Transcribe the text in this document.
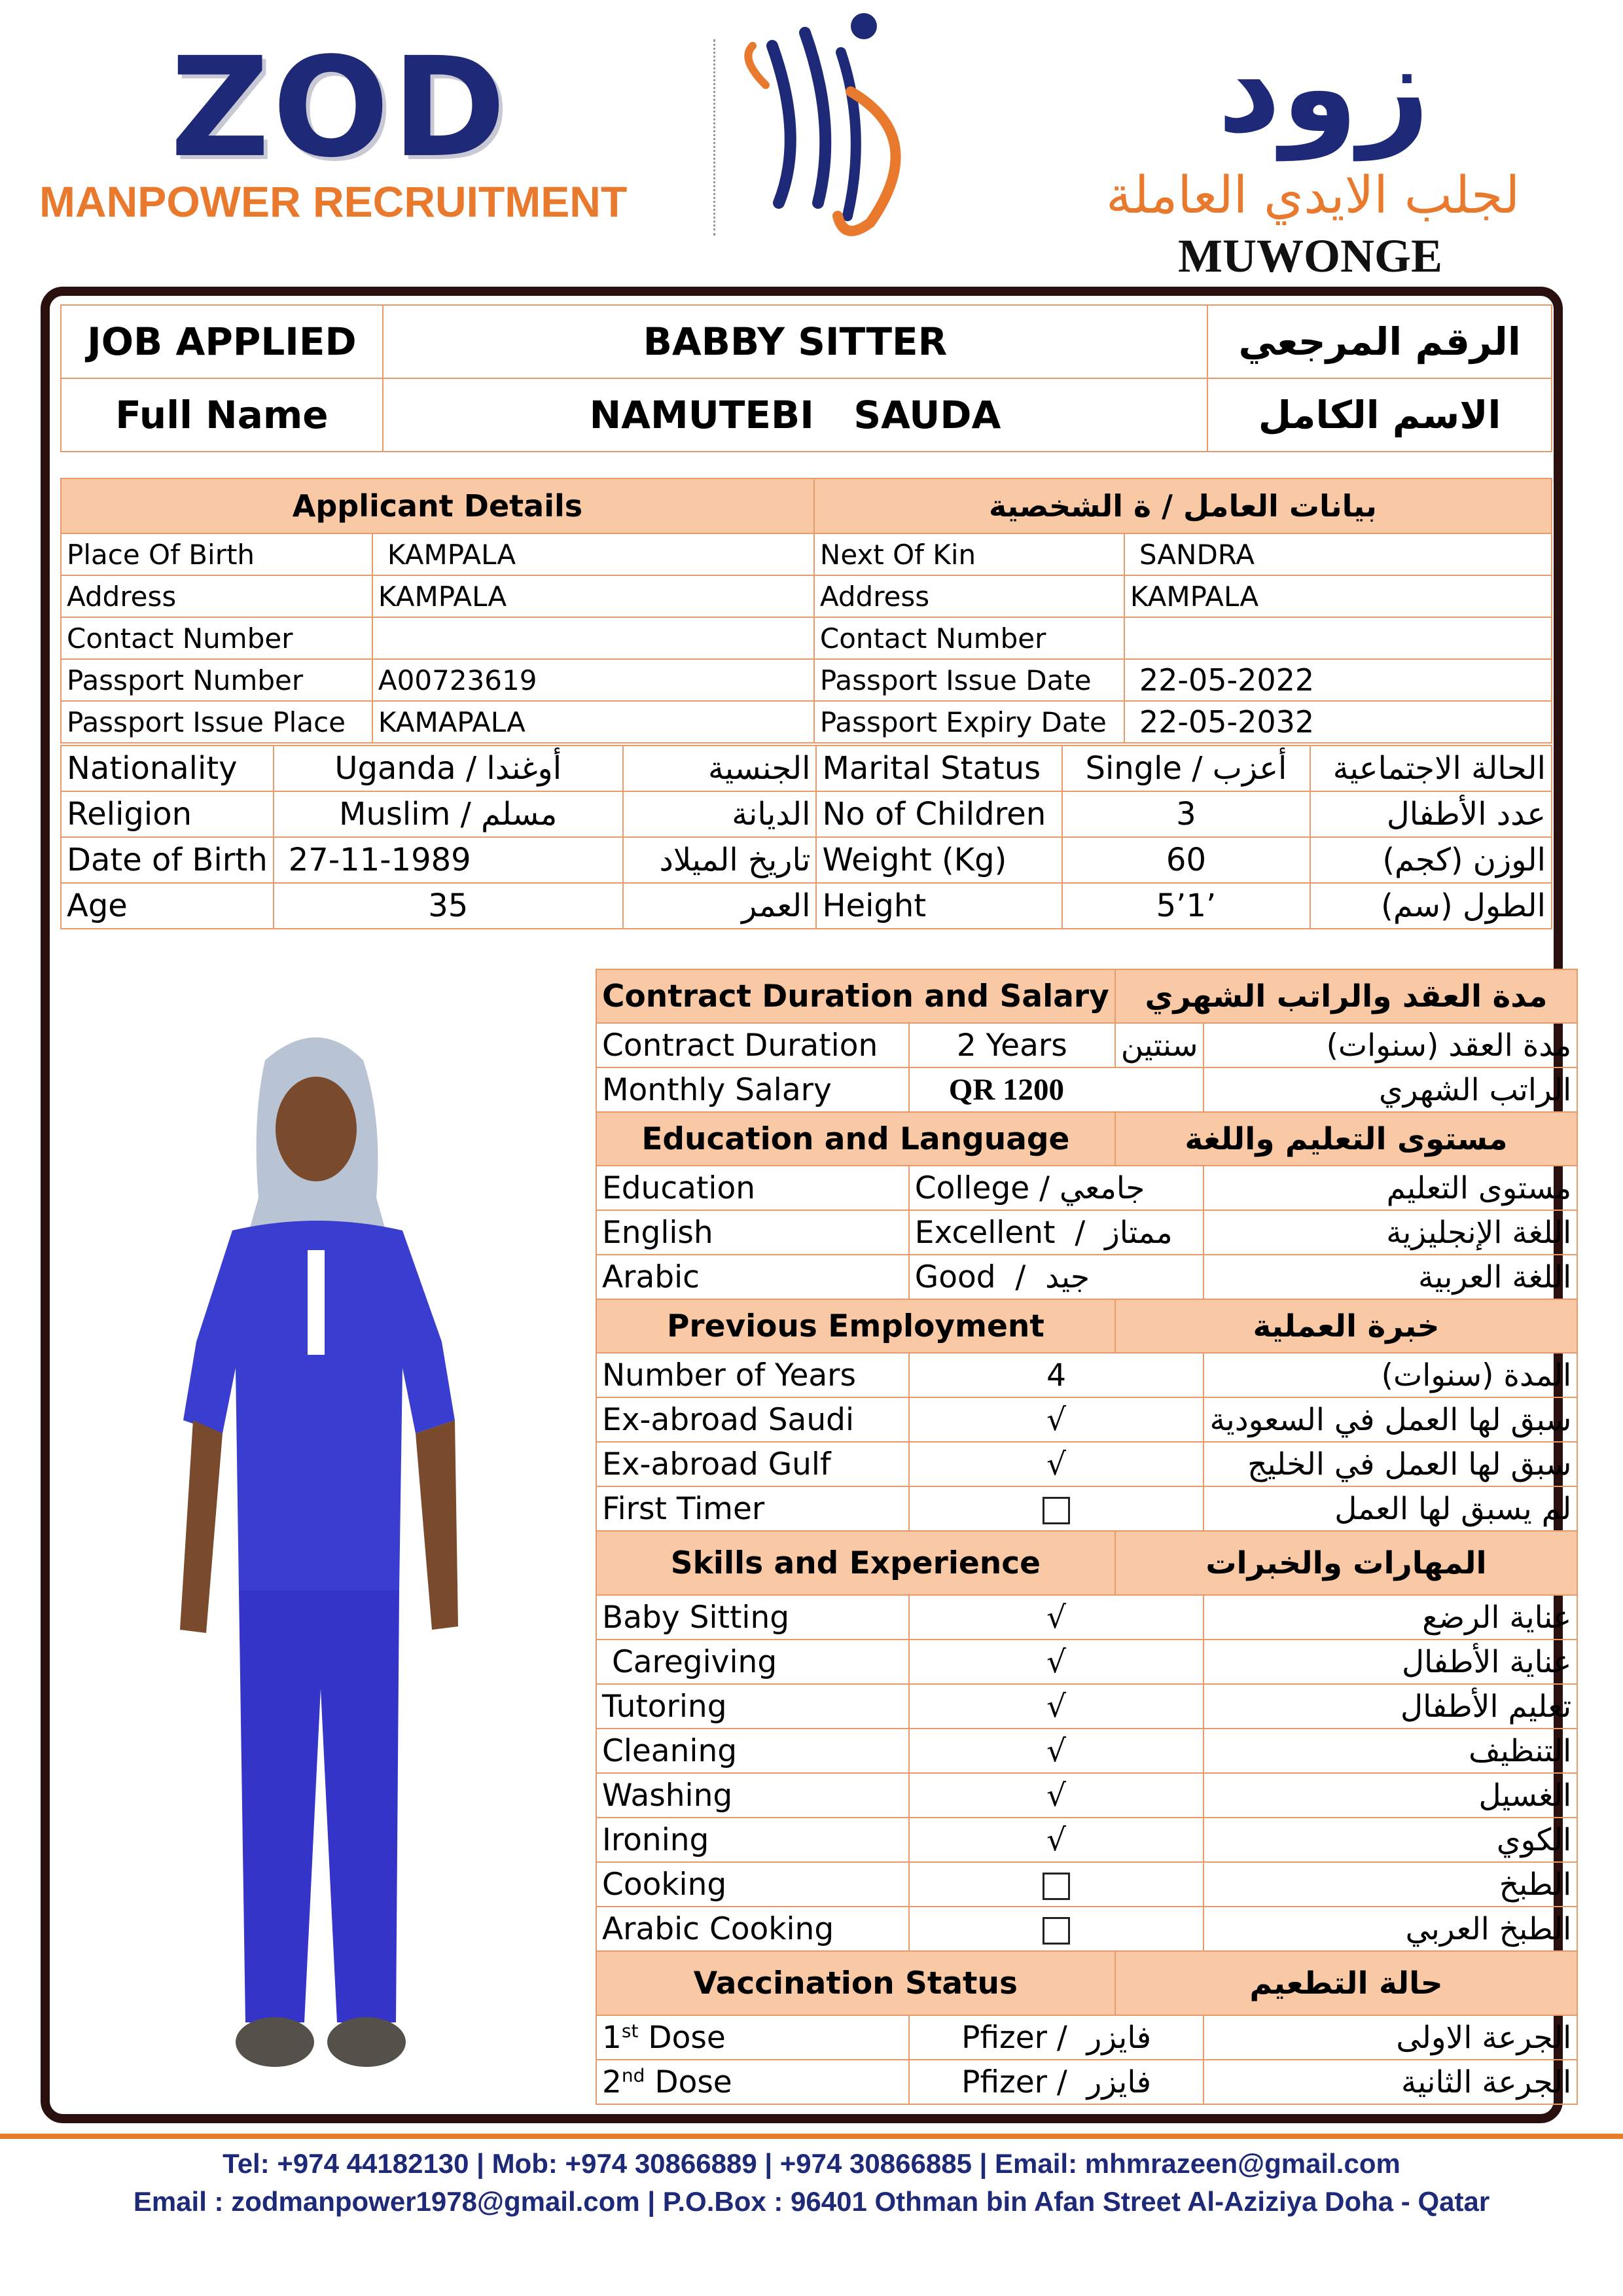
ZOD
MANPOWER RECRUITMENT
زود
لجلب الايدي العاملة
MUWONGE
JOB APPLIED	BABBY SITTER	الرقم المرجعي
Full Name	NAMUTEBI   SAUDA	الاسم الكامل
Applicant Details		بيانات العامل / ة الشخصية	
Place Of Birth	KAMPALA	Next Of Kin	SANDRA
Address	KAMPALA	Address	KAMPALA
Contact Number		Contact Number	
Passport Number	A00723619	Passport Issue Date	22-05-2022
Passport Issue Place	KAMAPALA	Passport Expiry Date	22-05-2032
Nationality	Uganda / أوغندا	الجنسية	Marital Status	Single / أعزب	الحالة الاجتماعية
Religion	Muslim / مسلم	الديانة	No of Children	3	عدد الأطفال
Date of Birth	27-11-1989	تاريخ الميلاد	Weight (Kg)	60	الوزن (كجم)
Age	35	العمر	Height	5’1’	الطول (سم)
Contract Duration and Salary		مدة العقد والراتب الشهري	
Contract Duration	2 Years	سنتين	مدة العقد (سنوات)
Monthly Salary	QR 1200		الراتب الشهري
Education and Language		مستوى التعليم واللغة	
Education	College / جامعي		مستوى التعليم
English	Excellent  /  ممتاز		اللغة الإنجليزية
Arabic	Good  /  جيد		اللغة العربية
Previous Employment		خبرة العملية	
Number of Years	4		المدة (سنوات)
Ex-abroad Saudi	√		سبق لها العمل في السعودية
Ex-abroad Gulf	√		سبق لها العمل في الخليج
First Timer			لم يسبق لها العمل
Skills and Experience		المهارات والخبرات	
Baby Sitting	√		عناية الرضع
Caregiving	√		عناية الأطفال
Tutoring	√		تعليم الأطفال
Cleaning	√		التنظيف
Washing	√		الغسيل
Ironing	√		الكوي
Cooking			الطبخ
Arabic Cooking			الطبخ العربي
Vaccination Status		حالة التطعيم	
1st Dose	Pfizer /  فايزر		الجرعة الاولى
2nd Dose	Pfizer /  فايزر		الجرعة الثانية
Tel: +974 44182130 | Mob: +974 30866889 | +974 30866885 | Email: mhmrazeen@gmail.com
Email : zodmanpower1978@gmail.com | P.O.Box : 96401 Othman bin Afan Street Al-Aziziya Doha - Qatar
